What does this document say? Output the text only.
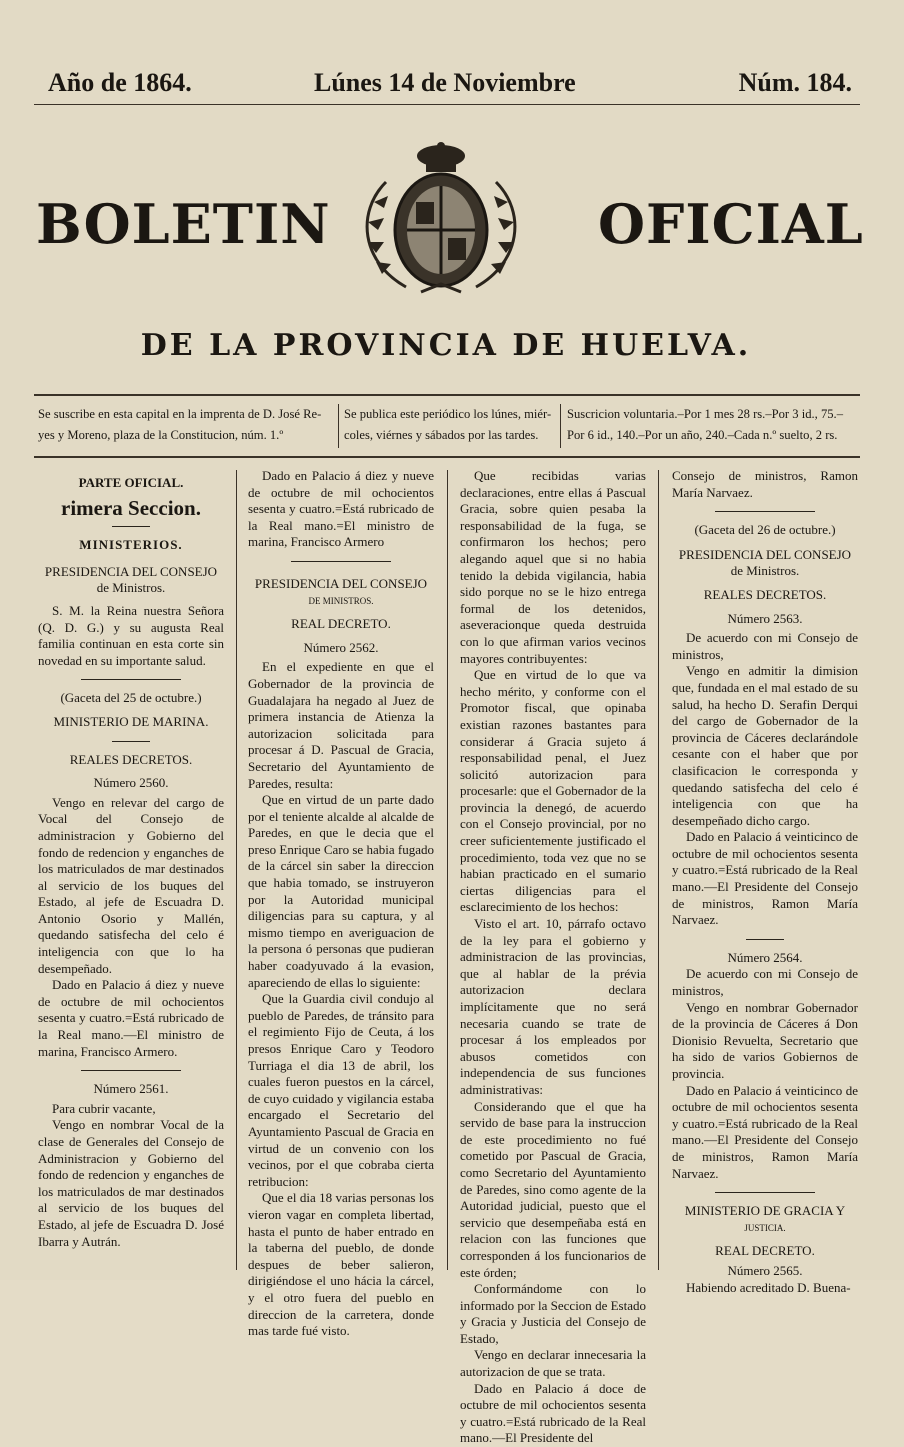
Año de 1864.	Lúnes 14 de Noviembre	Núm. 184.
BOLETIN	OFICIAL
DE LA PROVINCIA DE HUELVA.
Se suscribe en esta capital en la imprenta de D. José Re-
yes y Moreno, plaza de la Constitucion, núm. 1.º
Se publica este periódico los lúnes, miér-
coles, viérnes y sábados por las tardes.
Suscricion voluntaria.–Por 1 mes 28 rs.–Por 3 id., 75.–
Por 6 id., 140.–Por un año, 240.–Cada n.º suelto, 2 rs.

PARTE OFICIAL.

rimera Seccion.

MINISTERIOS.

PRESIDENCIA DEL CONSEJO

de Ministros.

S. M. la Reina nuestra Señora (Q. D. G.) y su augusta Real familia continuan en esta corte sin novedad en su importante salud.

(Gaceta del 25 de octubre.)

MINISTERIO DE MARINA.

REALES DECRETOS.

Número 2560.

Vengo en relevar del cargo de Vocal del Consejo de administracion y Gobierno del fondo de redencion y enganches de los matriculados de mar destinados al servicio de los buques del Estado, al jefe de Escuadra D. Antonio Osorio y Mallén, quedando satisfecha del celo é inteligencia con que lo ha desempeñado.

Dado en Palacio á diez y nueve de octubre de mil ochocientos sesenta y cuatro.=Está rubricado de la Real mano.—El ministro de marina, Francisco Armero.

Número 2561.

Para cubrir vacante,

Vengo en nombrar Vocal de la clase de Generales del Consejo de Administracion y Gobierno del fondo de redencion y enganches de los matriculados de mar destinados al servicio de los buques del Estado, al jefe de Escuadra D. José Ibarra y Autrán.

Dado en Palacio á diez y nueve de octubre de mil ochocientos sesenta y cuatro.=Está rubricado de la Real mano.=El ministro de marina, Francisco Armero

PRESIDENCIA DEL CONSEJO

DE MINISTROS.

REAL DECRETO.

Número 2562.

En el expediente en que el Gobernador de la provincia de Guadalajara ha negado al Juez de primera instancia de Atienza la autorizacion solicitada para procesar á D. Pascual de Gracia, Secretario del Ayuntamiento de Paredes, resulta:

Que en virtud de un parte dado por el teniente alcalde al alcalde de Paredes, en que le decia que el preso Enrique Caro se habia fugado de la cárcel sin saber la direccion que habia tomado, se instruyeron por la Autoridad municipal diligencias para su captura, y al mismo tiempo en averiguacion de la persona ó personas que pudieran haber coadyuvado á la evasion, apareciendo de ellas lo siguiente:

Que la Guardia civil condujo al pueblo de Paredes, de tránsito para el regimiento Fijo de Ceuta, á los presos Enrique Caro y Teodoro Turriaga el dia 13 de abril, los cuales fueron puestos en la cárcel, de cuyo cuidado y vigilancia estaba encargado el Secretario del Ayuntamiento Pascual de Gracia en virtud de un convenio con los vecinos, por el que cobraba cierta retribucion:

Que el dia 18 varias personas los vieron vagar en completa libertad, hasta el punto de haber entrado en la taberna del pueblo, de donde despues de beber salieron, dirigiéndose el uno hácia la cárcel, y el otro fuera del pueblo en direccion de la carretera, donde mas tarde fué visto.

Que recibidas varias declaraciones, entre ellas á Pascual Gracia, sobre quien pesaba la responsabilidad de la fuga, se confirmaron los hechos; pero alegando aquel que si no habia tenido la debida vigilancia, habia sido porque no se le hizo entrega formal de los detenidos, aseveracionque queda destruida con lo que afirman varios vecinos mayores contribuyentes:

Que en virtud de lo que va hecho mérito, y conforme con el Promotor fiscal, que opinaba existian razones bastantes para considerar á Gracia sujeto á responsabilidad penal, el Juez solicitó autorizacion para procesarle: que el Gobernador de la provincia la denegó, de acuerdo con el Consejo provincial, por no creer suficientemente justificado el procedimiento, toda vez que no se habian practicado en el sumario ciertas diligencias para el esclarecimiento de los hechos:

Visto el art. 10, párrafo octavo de la ley para el gobierno y administracion de las provincias, que al hablar de la prévia autorizacion declara implícitamente que no será necesaria cuando se trate de procesar á los empleados por abusos cometidos con independencia de sus funciones administrativas:

Considerando que el que ha servido de base para la instruccion de este procedimiento no fué cometido por Pascual de Gracia, como Secretario del Ayuntamiento de Paredes, sino como agente de la Autoridad judicial, puesto que el servicio que desempeñaba está en relacion con las funciones que corresponden á los funcionarios de este órden;

Conformándome con lo informado por la Seccion de Estado y Gracia y Justicia del Consejo de Estado,

Vengo en declarar innecesaria la autorizacion de que se trata.

Dado en Palacio á doce de octubre de mil ochocientos sesenta y cuatro.=Está rubricado de la Real mano.—El Presidente del

Consejo de ministros, Ramon María Narvaez.

(Gaceta del 26 de octubre.)

PRESIDENCIA DEL CONSEJO

de Ministros.

REALES DECRETOS.

Número 2563.

De acuerdo con mi Consejo de ministros,

Vengo en admitir la dimision que, fundada en el mal estado de su salud, ha hecho D. Serafin Derqui del cargo de Gobernador de la provincia de Cáceres declarándole cesante con el haber que por clasificacion le corresponda y quedando satisfecha del celo é inteligencia con que ha desempeñado dicho cargo.

Dado en Palacio á veinticinco de octubre de mil ochocientos sesenta y cuatro.=Está rubricado de la Real mano.—El Presidente del Consejo de ministros, Ramon María Narvaez.

Número 2564.

De acuerdo con mi Consejo de ministros,

Vengo en nombrar Gobernador de la provincia de Cáceres á Don Dionisio Revuelta, Secretario que ha sido de varios Gobiernos de provincia.

Dado en Palacio á veinticinco de octubre de mil ochocientos sesenta y cuatro.=Está rubricado de la Real mano.—El Presidente del Consejo de ministros, Ramon María Narvaez.

MINISTERIO DE GRACIA Y

JUSTICIA.

REAL DECRETO.

Número 2565.

Habiendo acreditado D. Buena-
